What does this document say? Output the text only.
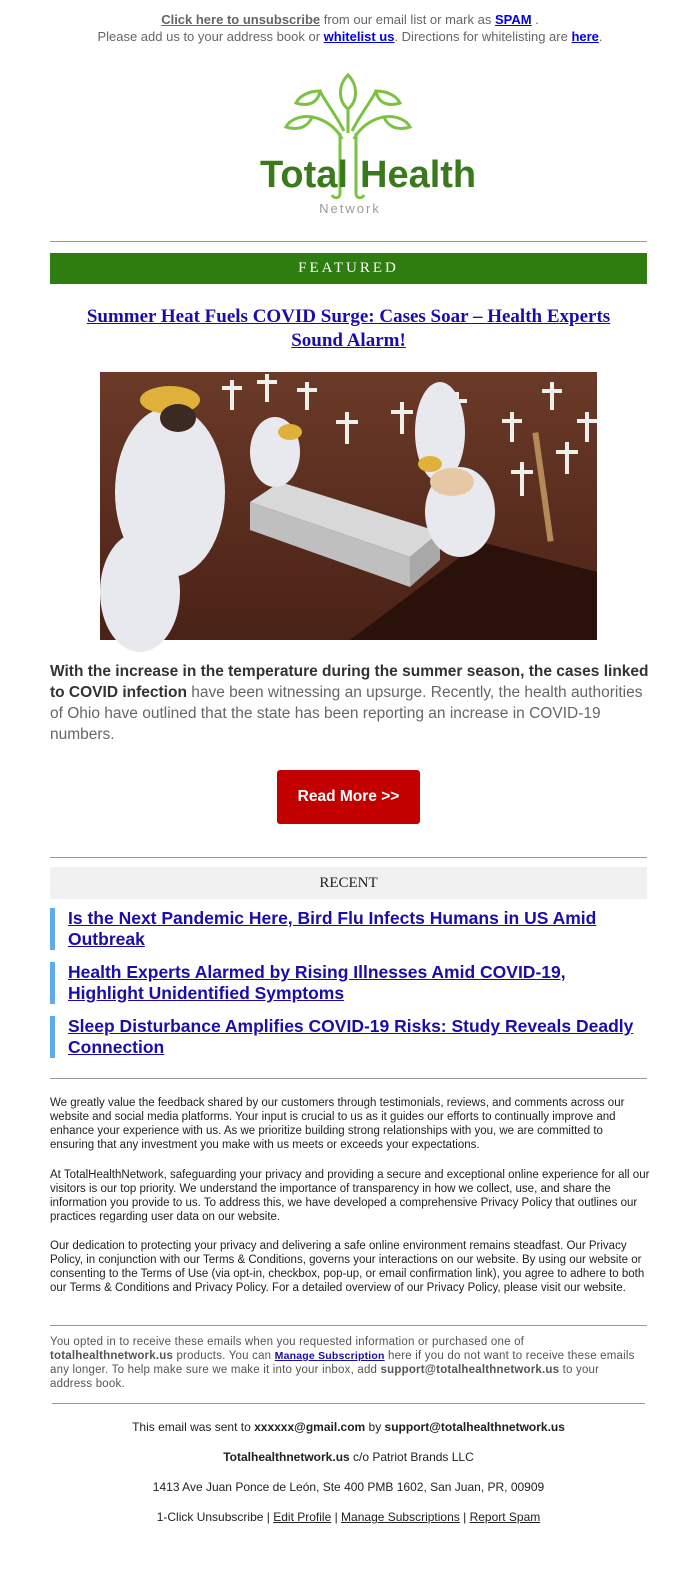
Click here to unsubscribe from our email list or mark as SPAM .
Please add us to your address book or whitelist us. Directions for whitelisting are here.
Total Health
Network
FEATURED
Summer Heat Fuels COVID Surge: Cases Soar – Health Experts
Sound Alarm!
With the increase in the temperature during the summer season, the cases linked to COVID infection have been witnessing an upsurge. Recently, the health authorities of Ohio have outlined that the state has been reporting an increase in COVID-19 numbers.
Read More >>
RECENT
Is the Next Pandemic Here, Bird Flu Infects Humans in US Amid
Outbreak
Health Experts Alarmed by Rising Illnesses Amid COVID-19,
Highlight Unidentified Symptoms
Sleep Disturbance Amplifies COVID-19 Risks: Study Reveals Deadly
Connection
We greatly value the feedback shared by our customers through testimonials, reviews, and comments across our website and social media platforms. Your input is crucial to us as it guides our efforts to continually improve and enhance your experience with us. As we prioritize building strong relationships with you, we are committed to ensuring that any investment you make with us meets or exceeds your expectations.
At TotalHealthNetwork, safeguarding your privacy and providing a secure and exceptional online experience for all our visitors is our top priority. We understand the importance of transparency in how we collect, use, and share the information you provide to us. To address this, we have developed a comprehensive Privacy Policy that outlines our practices regarding user data on our website.
Our dedication to protecting your privacy and delivering a safe online environment remains steadfast. Our Privacy Policy, in conjunction with our Terms & Conditions, governs your interactions on our website. By using our website or consenting to the Terms of Use (via opt-in, checkbox, pop-up, or email confirmation link), you agree to adhere to both our Terms & Conditions and Privacy Policy. For a detailed overview of our Privacy Policy, please visit our website.
You opted in to receive these emails when you requested information or purchased one of totalhealthnetwork.us products. You can Manage Subscription here if you do not want to receive these emails any longer. To help make sure we make it into your inbox, add support@totalhealthnetwork.us to your address book.
This email was sent to xxxxxx@gmail.com by support@totalhealthnetwork.us
Totalhealthnetwork.us c/o Patriot Brands LLC
1413 Ave Juan Ponce de León, Ste 400 PMB 1602, San Juan, PR, 00909
1-Click Unsubscribe | Edit Profile | Manage Subscriptions | Report Spam
